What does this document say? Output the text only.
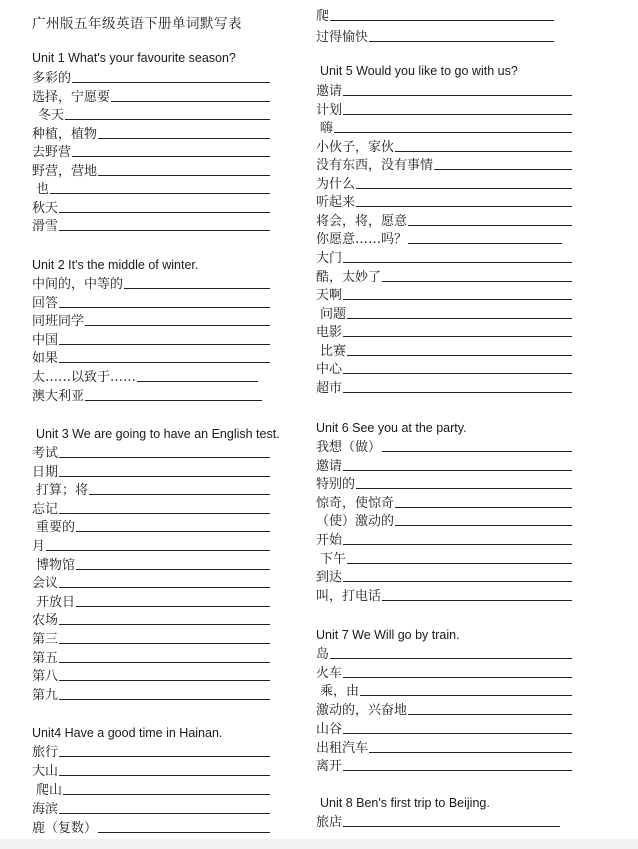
广州版五年级英语下册单词默写表
Unit 1 What's your favourite season?
多彩的
选择，宁愿要
冬天
种植，植物
去野营
野营，营地
也
秋天
滑雪
Unit 2 It's the middle of winter.
中间的，中等的
回答
同班同学
中国
如果
太……以致于……
澳大利亚
Unit 3 We are going to have an English test.
考试
日期
打算；将
忘记
重要的
月
博物馆
会议
开放日
农场
第三
第五
第八
第九
Unit4 Have a good time in Hainan.
旅行
大山
爬山
海滨
鹿（复数）
爬
过得愉快
Unit 5 Would you like to go with us?
邀请
计划
嗨
小伙子，家伙
没有东西，没有事情
为什么
听起来
将会，将，愿意
你愿意……吗？
大门
酷，太妙了
天啊
问题
电影
比赛
中心
超市
Unit 6 See you at the party.
我想（做）
邀请
特别的
惊奇，使惊奇
（使）激动的
开始
下午
到达
叫，打电话
Unit 7 We Will go by train.
岛
火车
乘，由
激动的，兴奋地
山谷
出租汽车
离开
Unit 8 Ben's first trip to Beijing.
旅店
